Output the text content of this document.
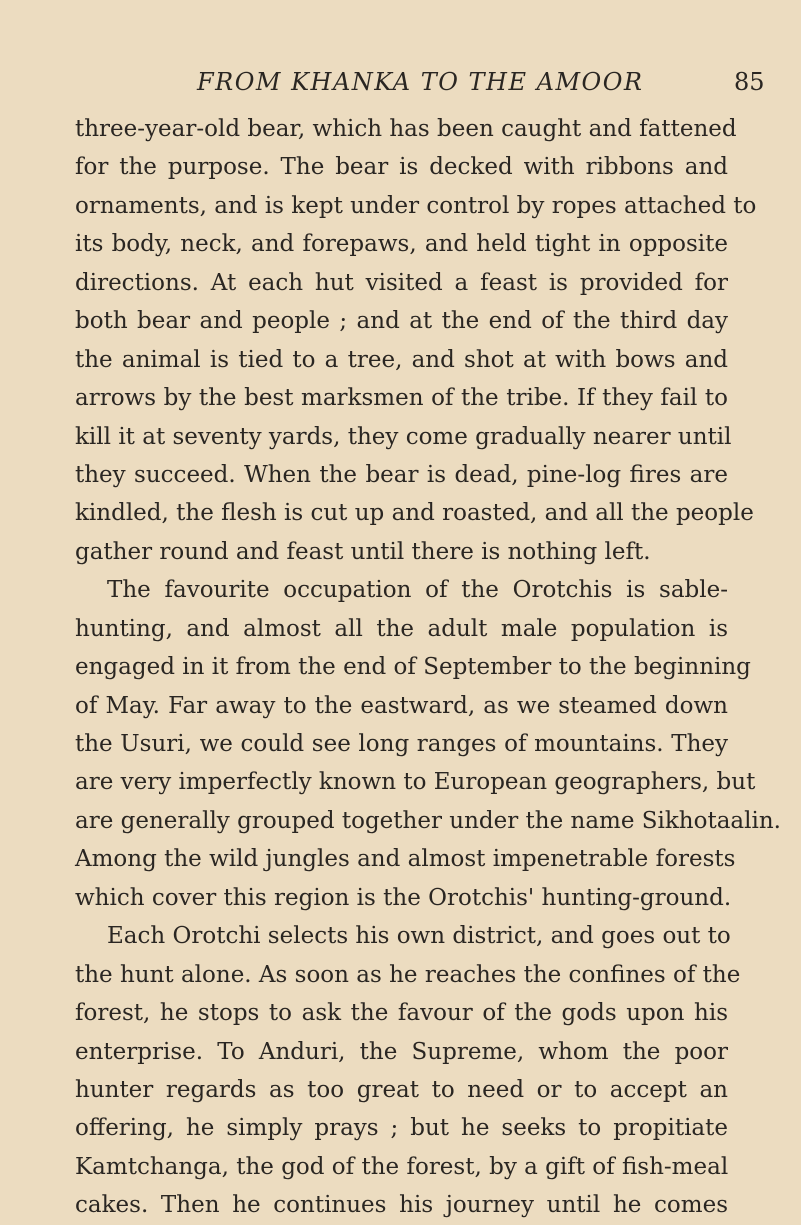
FROM KHANKA TO THE AMOOR	85
three-year-old bear, which has been caught and fattened
for the purpose. The bear is decked with ribbons and
ornaments, and is kept under control by ropes attached to
its body, neck, and forepaws, and held tight in opposite
directions. At each hut visited a feast is provided for
both bear and people ; and at the end of the third day
the animal is tied to a tree, and shot at with bows and
arrows by the best marksmen of the tribe. If they fail to
kill it at seventy yards, they come gradually nearer until
they succeed. When the bear is dead, pine-log fires are
kindled, the flesh is cut up and roasted, and all the people
gather round and feast until there is nothing left.
The favourite occupation of the Orotchis is sable-
hunting, and almost all the adult male population is
engaged in it from the end of September to the beginning
of May. Far away to the eastward, as we steamed down
the Usuri, we could see long ranges of mountains. They
are very imperfectly known to European geographers, but
are generally grouped together under the name Sikhotaalin.
Among the wild jungles and almost impenetrable forests
which cover this region is the Orotchis' hunting-ground.
Each Orotchi selects his own district, and goes out to
the hunt alone. As soon as he reaches the confines of the
forest, he stops to ask the favour of the gods upon his
enterprise. To Anduri, the Supreme, whom the poor
hunter regards as too great to need or to accept an
offering, he simply prays ; but he seeks to propitiate
Kamtchanga, the god of the forest, by a gift of fish-meal
cakes. Then he continues his journey until he comes
